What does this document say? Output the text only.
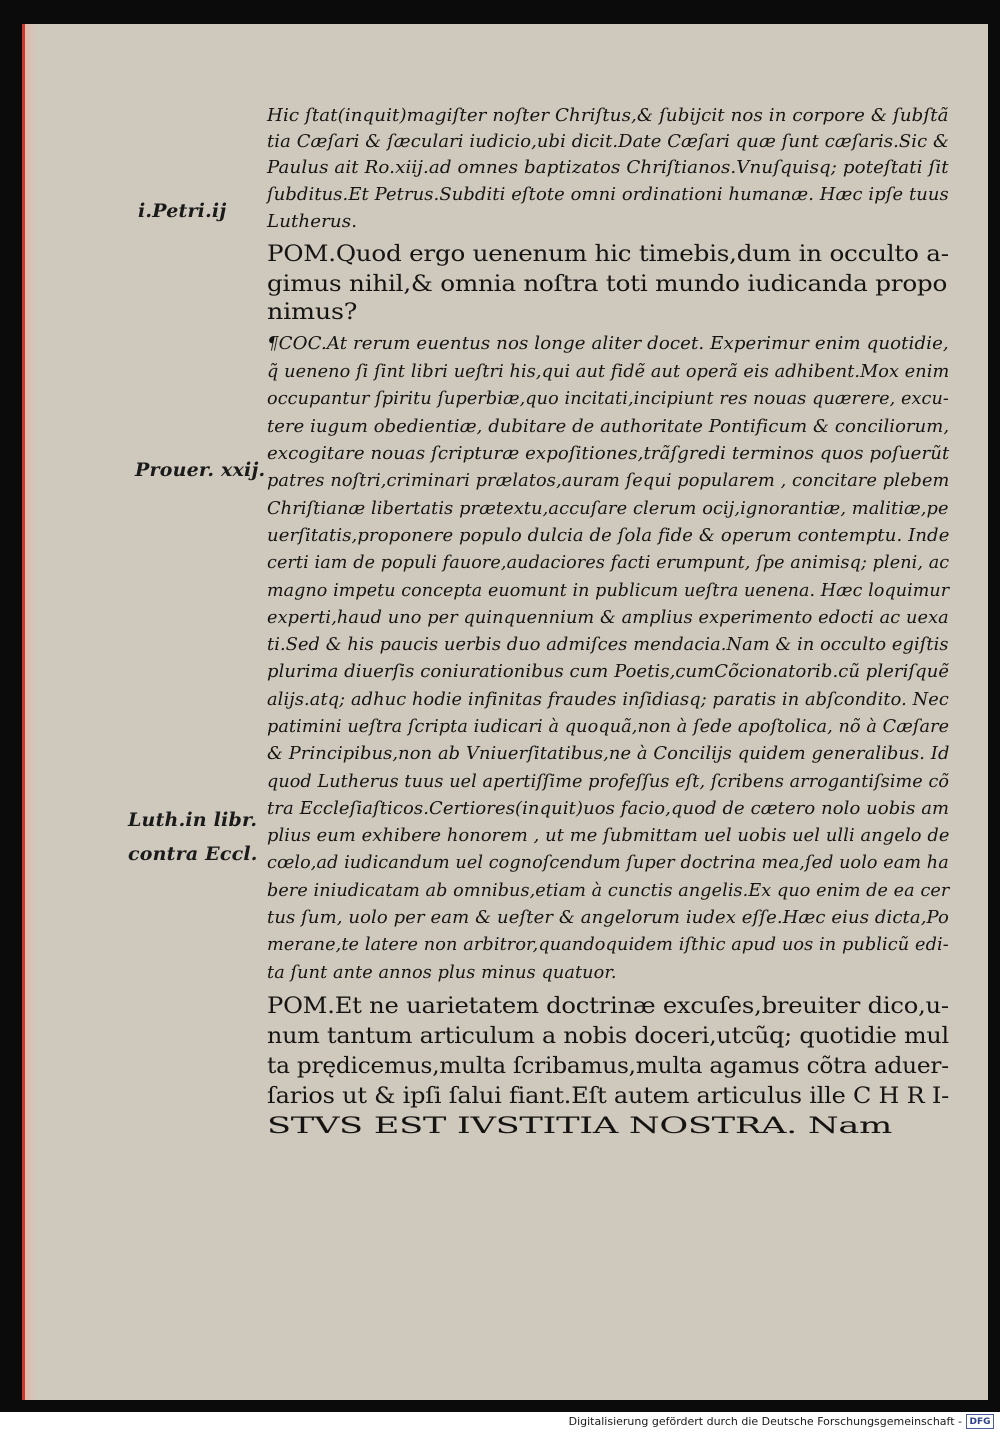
i.Petri.ij
Prouer. xxij.
Luth.in libr.
contra Eccl.
Hic ſtat(inquit)magiſter noſter Chriſtus,& ſubijcit nos in corpore & ſubſtã
tia Cæſari & ſæculari iudicio,ubi dicit.Date Cæſari quæ ſunt cæſaris.Sic &
Paulus ait Ro.xiij.ad omnes baptizatos Chriſtianos.Vnuſquisq; poteſtati ſit
ſubditus.Et Petrus.Subditi eſtote omni ordinationi humanæ. Hæc ipſe tuus
Lutherus.
POM.Quod ergo uenenum hic timebis,dum in occulto a-
gimus nihil,& omnia noſtra toti mundo iudicanda propo
nimus?
¶COC.At rerum euentus nos longe aliter docet. Experimur enim quotidie,
q̃ ueneno ſi ſint libri ueſtri his,qui aut fidẽ aut operã eis adhibent.Mox enim
occupantur ſpiritu ſuperbiæ,quo incitati,incipiunt res nouas quærere, excu-
tere iugum obedientiæ, dubitare de authoritate Pontificum & conciliorum,
excogitare nouas ſcripturæ expoſitiones,trãſgredi terminos quos poſuerũt
patres noſtri,criminari prælatos,auram ſequi popularem , concitare plebem
Chriſtianæ libertatis prætextu,accuſare clerum ocij,ignorantiæ, malitiæ,pe
uerſitatis,proponere populo dulcia de ſola fide & operum contemptu. Inde
certi iam de populi fauore,audaciores facti erumpunt, ſpe animisq; pleni, ac
magno impetu concepta euomunt in publicum ueſtra uenena. Hæc loquimur
experti,haud uno per quinquennium & amplius experimento edocti ac uexa
ti.Sed & his paucis uerbis duo admiſces mendacia.Nam & in occulto egiſtis
plurima diuerſis coniurationibus cum Poetis,cumCõcionatorib.cũ pleriſquẽ
alijs.atq; adhuc hodie infinitas fraudes inſidiasq; paratis in abſcondito. Nec
patimini ueſtra ſcripta iudicari à quoquã,non à ſede apoſtolica, nõ à Cæſare
& Principibus,non ab Vniuerſitatibus,ne à Concilijs quidem generalibus. Id
quod Lutherus tuus uel apertiſſime profeſſus eſt, ſcribens arrogantiſsime cõ
tra Eccleſiaſticos.Certiores(inquit)uos facio,quod de cætero nolo uobis am
plius eum exhibere honorem , ut me ſubmittam uel uobis uel ulli angelo de
cœlo,ad iudicandum uel cognoſcendum ſuper doctrina mea,ſed uolo eam ha
bere iniudicatam ab omnibus,etiam à cunctis angelis.Ex quo enim de ea cer
tus ſum, uolo per eam & ueſter & angelorum iudex eſſe.Hæc eius dicta,Po
merane,te latere non arbitror,quandoquidem iſthic apud uos in publicũ edi-
ta ſunt ante annos plus minus quatuor.
POM.Et ne uarietatem doctrinæ excuſes,breuiter dico,u-
num tantum articulum a nobis doceri,utcũq; quotidie mul
ta prędicemus,multa ſcribamus,multa agamus cõtra aduer-
ſarios ut & ipſi ſalui fiant.Eſt autem articulus ille C H R I-
STVS EST IVSTITIA NOSTRA. Nam
Digitalisierung gefördert durch die Deutsche Forschungsgemeinschaft - DFG
